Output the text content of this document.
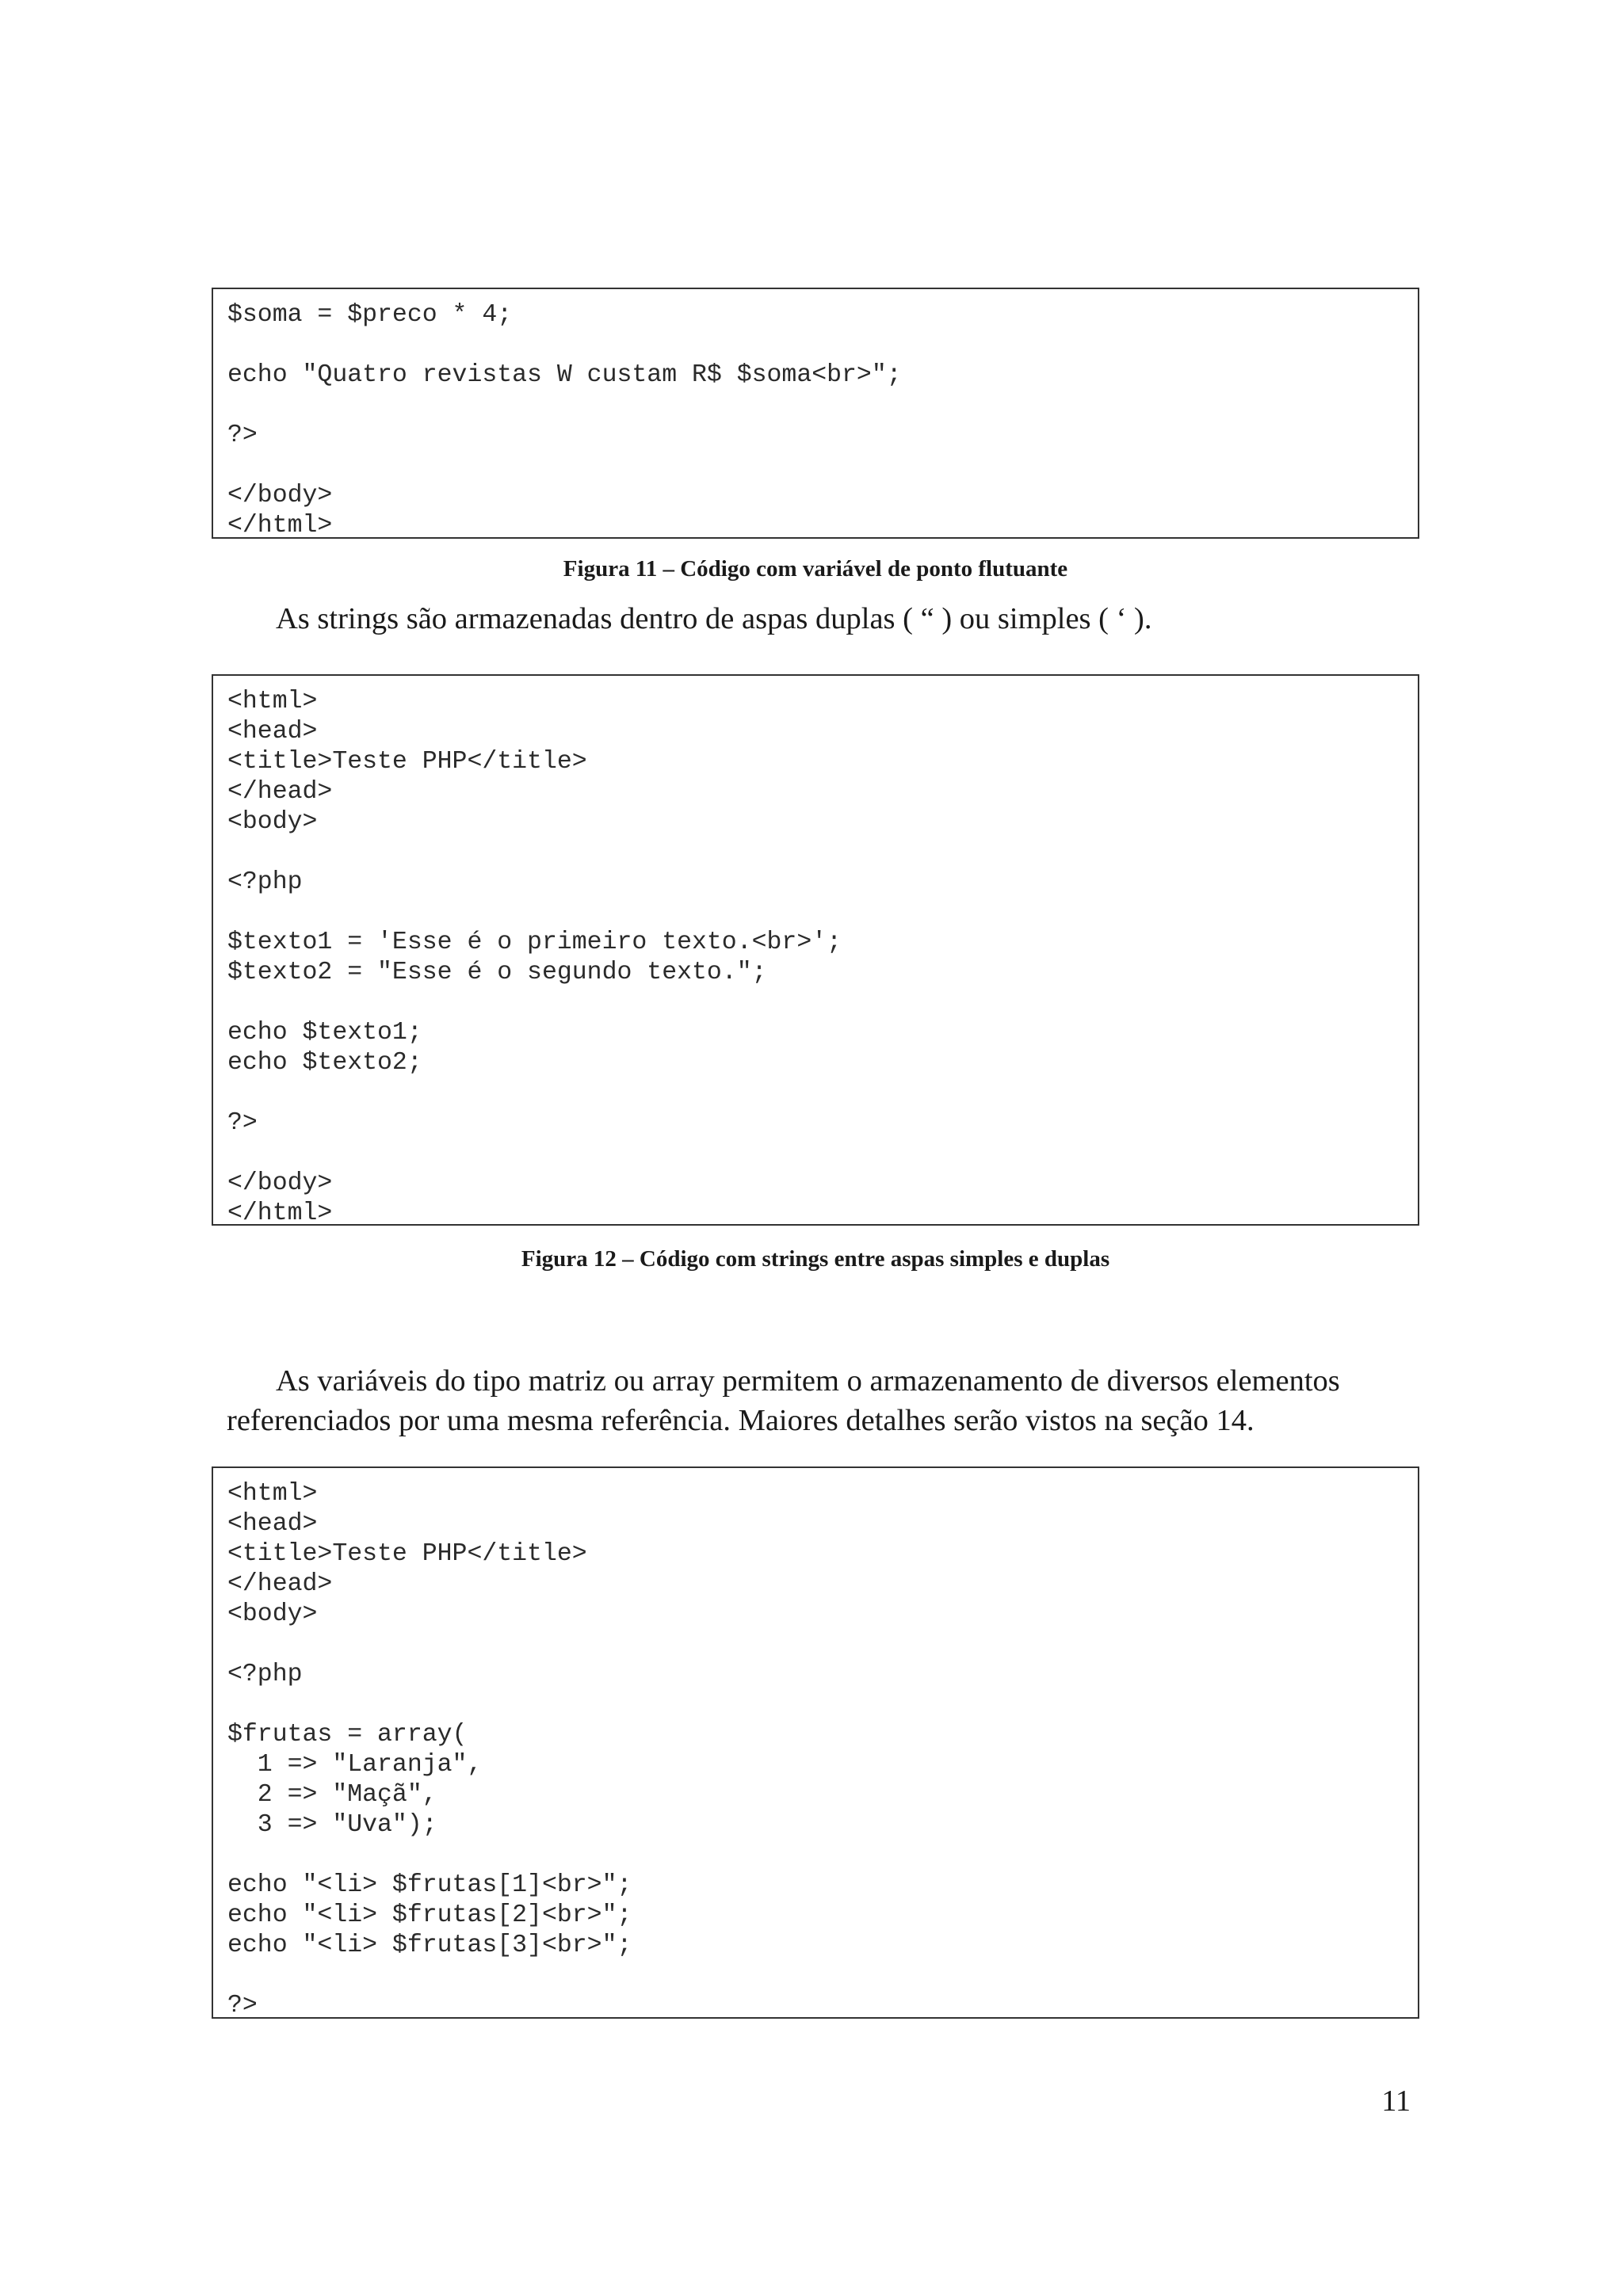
$soma = $preco * 4;
echo "Quatro revistas W custam R$ $soma<br>";
?>
</body>
</html>
Figura 11 – Código com variável de ponto flutuante
As strings são armazenadas dentro de aspas duplas ( “ ) ou simples ( ‘ ).
<html>
<head>
<title>Teste PHP</title>
</head>
<body>
<?php
$texto1 = 'Esse é o primeiro texto.<br>';
$texto2 = "Esse é o segundo texto.";
echo $texto1;
echo $texto2;
?>
</body>
</html>
Figura 12 – Código com strings entre aspas simples e duplas
As variáveis do tipo matriz ou array permitem o armazenamento de diversos elementos
referenciados por uma mesma referência. Maiores detalhes serão vistos na seção 14.
<html>
<head>
<title>Teste PHP</title>
</head>
<body>
<?php
$frutas = array(
1 => "Laranja",
2 => "Maçã",
3 => "Uva");
echo "<li> $frutas[1]<br>";
echo "<li> $frutas[2]<br>";
echo "<li> $frutas[3]<br>";
?>
11
